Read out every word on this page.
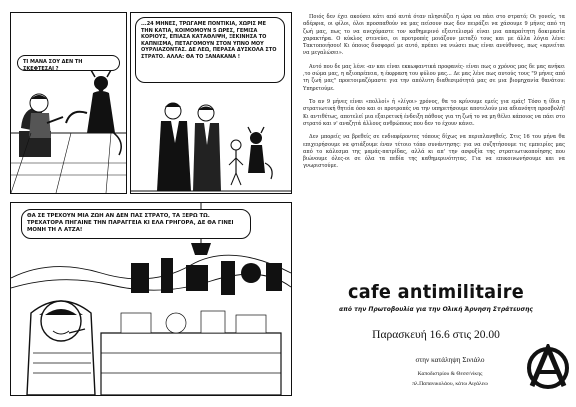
ΤΙ ΜΑΝΑ ΣΟΥ ΔΕΝ ΤΗ ΣΚΕΦΤΕΣΑΙ ?
...24 ΜΗΝΕΣ, ΤΡΩΓΑΜΕ ΠΟΝΤΙΚΙΑ, ΧΩΡΙΣ ΜΕ ΤΗΝ ΚΑΤΙΑ, ΚΟΙΜΟΜΟΥΝ 5 ΩΡΕΣ, ΓΕΜΙΣΑ ΚΟΡΙΟΥΣ, ΕΠΙΑΣΑ ΚΑΤΑΘΛΙΨΗ, ΞΕΚΙΝΗΣΑ ΤΟ ΚΑΠΝΙΣΜΑ, ΠΕΤΑΓΟΜΟΥΝ ΣΤΟΝ ΥΠΝΟ ΜΟΥ ΟΥΡΛΙΑΖΟΝΤΑΣ. ΔΕ ΛΕΩ, ΠΕΡΑΣΑ ΔΥΣΚΟΛΑ ΣΤΟ ΣΤΡΑΤΟ. ΑΛΛΑ: ΘΑ ΤΟ ΞΑΝΑΚΑΝΑ !
ΘΑ ΣΕ ΤΡΕΧΟΥΝ ΜΙΑ ΖΩΗ ΑΝ ΔΕΝ ΠΑΣ ΣΤΡΑΤΟ, ΤΑ ΞΕΡΩ ΤΩ. ΤΡΕΧΑΤΟΡΑ ΠΗΓΑΙΝΕ ΤΗΝ ΠΑΡΑΓΓΕΙΑ ΚΙ ΕΛΑ ΓΡΗΓΟΡΑ, ΔΕ ΘΑ ΓΙΝΕΙ ΜΟΝΗ ΤΗ Λ ΑΤΖΑ!

Ποιός δεν έχει ακούσει κάτι από αυτά όταν πλησιάζει η ώρα να πάει στο στρατό; Οι γονείς, τα αδέρφια, οι φίλοι, όλοι προσπαθούν να μας πείσουν πως δεν πειράζει να χάσουμε 9 μήνες από τη ζωή μας, πως το να ανεχόμαστε τον καθημερινό εξευτελισμό είναι μια απαραίτητη δοκιμασία χαρακτήρα. Ο κύκλος στενεύει, οι προτροπές μοιάζουν μεταξύ τους και με άλλα λόγια λένε: Τακτοποιήσου! Κι όποιος δυσφορεί με αυτό, πρέπει να νιώσει πως είναι ανεύθυνος, πως «αρνείται να μεγαλώσει».

Αυτό που δε μας λένε -αν και είναι εκκωφαντικά προφανές- είναι πως ο χρόνος μας δε μας ανήκει ,το σώμα μας, η αξιοπρέπεια, η έκφραση του φύλου μας... Δε μας λένε πως αυτούς τους "9 μήνες από τη ζωή μας" προετοιμαζόμαστε για την απόλυτη διαθεσιμότητά μας σε μια βιομηχανία θανάτου: Υπηρετούμε.

Το αν 9 μήνες είναι «πολλοί» ή «λίγοι» χρόνος, θα το κρίνουμε εμείς για εμάς! Τόσο η ίδια η στρατιωτική θητεία όσο και οι προτροπές να την υπηρετήσουμε αποτελούν μια αδιανόητη προσβολή! Κι αντιθέτως, αποτελεί μια εξαιρετική ένδειξη πάθους για τη ζωή το να μη θέλει κάποιος να πάει στο στρατό και ν' αναζητά άλλους ανθρώπους που δεν το έχουν κάνει.

Δεν μπορείς να βρεθείς σε ενδιαφέροντες τόπους δίχως να περιπλανηθείς. Στις 16 του μήνα θα επιχειρήσουμε να φτιάξουμε έναν τέτοιο τόπο συνάντησης: για να συζητήσουμε τις εμπειρίες μας από το κάλεσμα της μαμάς-πατρίδας, αλλά κι απ' την ασφυξία της στρατιωτικοποίησης που βιώνουμε όλες-οι σε όλα τα πεδία της καθημερινότητας. Για να επικοινωνήσουμε και να γνωριστούμε.

cafe antimilitaire
από την Πρωτοβουλία για την Ολική Άρνηση Στράτευσης
Παρασκευή 16.6 στις 20.00
στην κατάληψη Σινιάλο
Καποδιστρίου & Θεσσ/νίκης
πλ.Παπανικολάου, κάτω Αιγάλεω
